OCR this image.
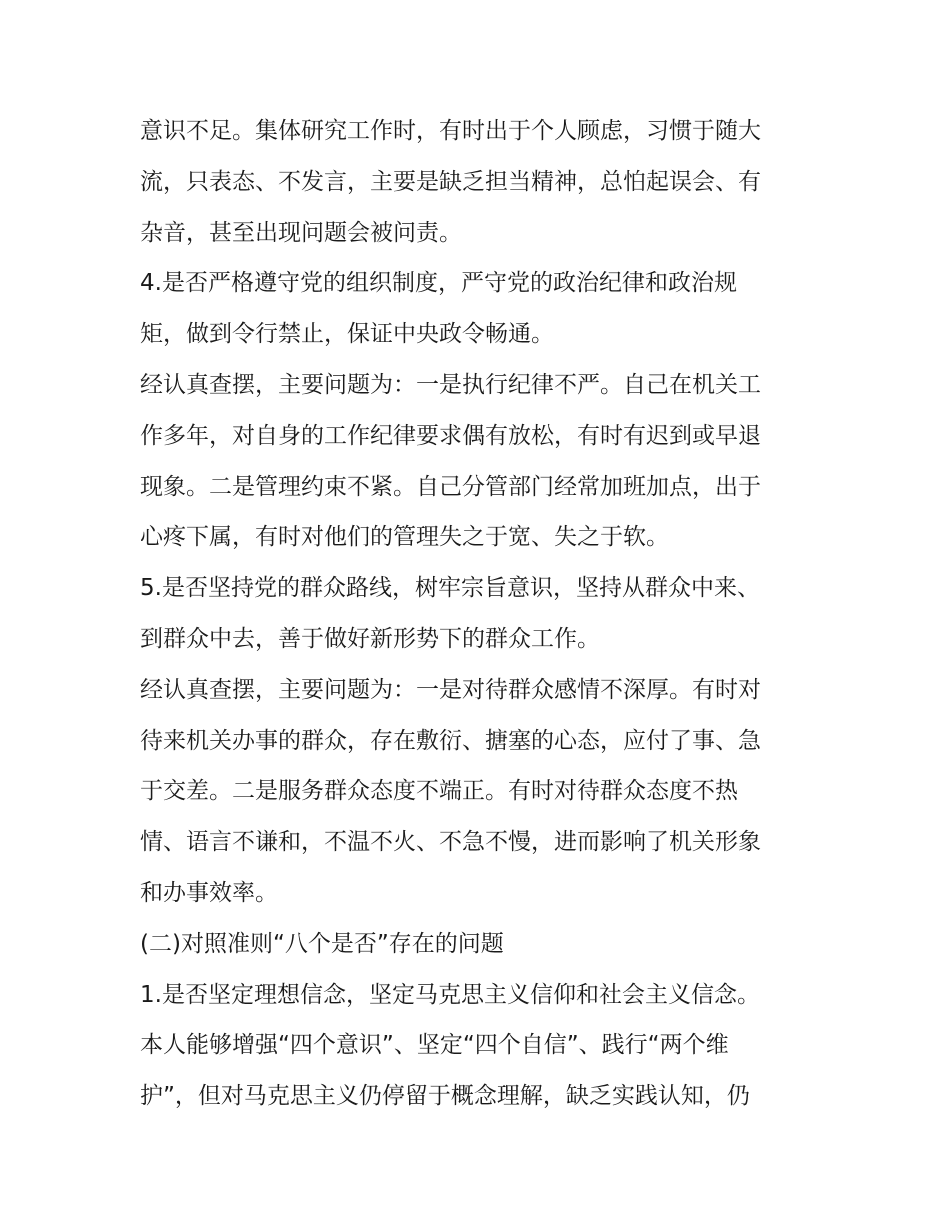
意识不足。集体研究工作时，有时出于个人顾虑，习惯于随大
流，只表态、不发言，主要是缺乏担当精神，总怕起误会、有
杂音，甚至出现问题会被问责。
4.是否严格遵守党的组织制度，严守党的政治纪律和政治规
矩，做到令行禁止，保证中央政令畅通。
经认真查摆，主要问题为：一是执行纪律不严。自己在机关工
作多年，对自身的工作纪律要求偶有放松，有时有迟到或早退
现象。二是管理约束不紧。自己分管部门经常加班加点，出于
心疼下属，有时对他们的管理失之于宽、失之于软。
5.是否坚持党的群众路线，树牢宗旨意识，坚持从群众中来、
到群众中去，善于做好新形势下的群众工作。
经认真查摆，主要问题为：一是对待群众感情不深厚。有时对
待来机关办事的群众，存在敷衍、搪塞的心态，应付了事、急
于交差。二是服务群众态度不端正。有时对待群众态度不热
情、语言不谦和，不温不火、不急不慢，进而影响了机关形象
和办事效率。
(二)对照准则“八个是否”存在的问题
1.是否坚定理想信念，坚定马克思主义信仰和社会主义信念。
本人能够增强“四个意识”、坚定“四个自信”、践行“两个维
护”，但对马克思主义仍停留于概念理解，缺乏实践认知，仍
